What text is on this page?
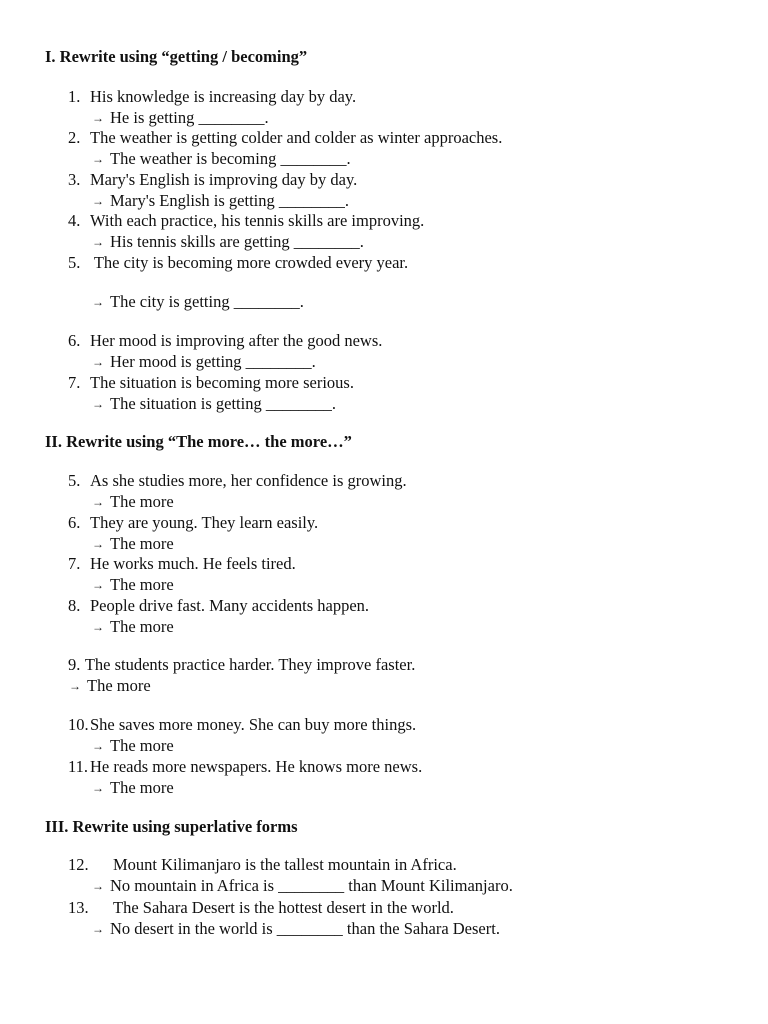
I. Rewrite using “getting / becoming”
1. His knowledge is increasing day by day.
→ He is getting ________.
2. The weather is getting colder and colder as winter approaches.
→ The weather is becoming ________.
3. Mary's English is improving day by day.
→ Mary's English is getting ________.
4. With each practice, his tennis skills are improving.
→ His tennis skills are getting ________.
5. The city is becoming more crowded every year.
→ The city is getting ________.
6. Her mood is improving after the good news.
→ Her mood is getting ________.
7. The situation is becoming more serious.
→ The situation is getting ________.
II. Rewrite using “The more… the more…”
5. As she studies more, her confidence is growing.
→ The more
6. They are young. They learn easily.
→ The more
7. He works much. He feels tired.
→ The more
8. People drive fast. Many accidents happen.
→ The more
9. The students practice harder. They improve faster.
→ The more
10. She saves more money. She can buy more things.
→ The more
11. He reads more newspapers. He knows more news.
→ The more
III. Rewrite using superlative forms
12. Mount Kilimanjaro is the tallest mountain in Africa.
→ No mountain in Africa is ________ than Mount Kilimanjaro.
13. The Sahara Desert is the hottest desert in the world.
→ No desert in the world is ________ than the Sahara Desert.
